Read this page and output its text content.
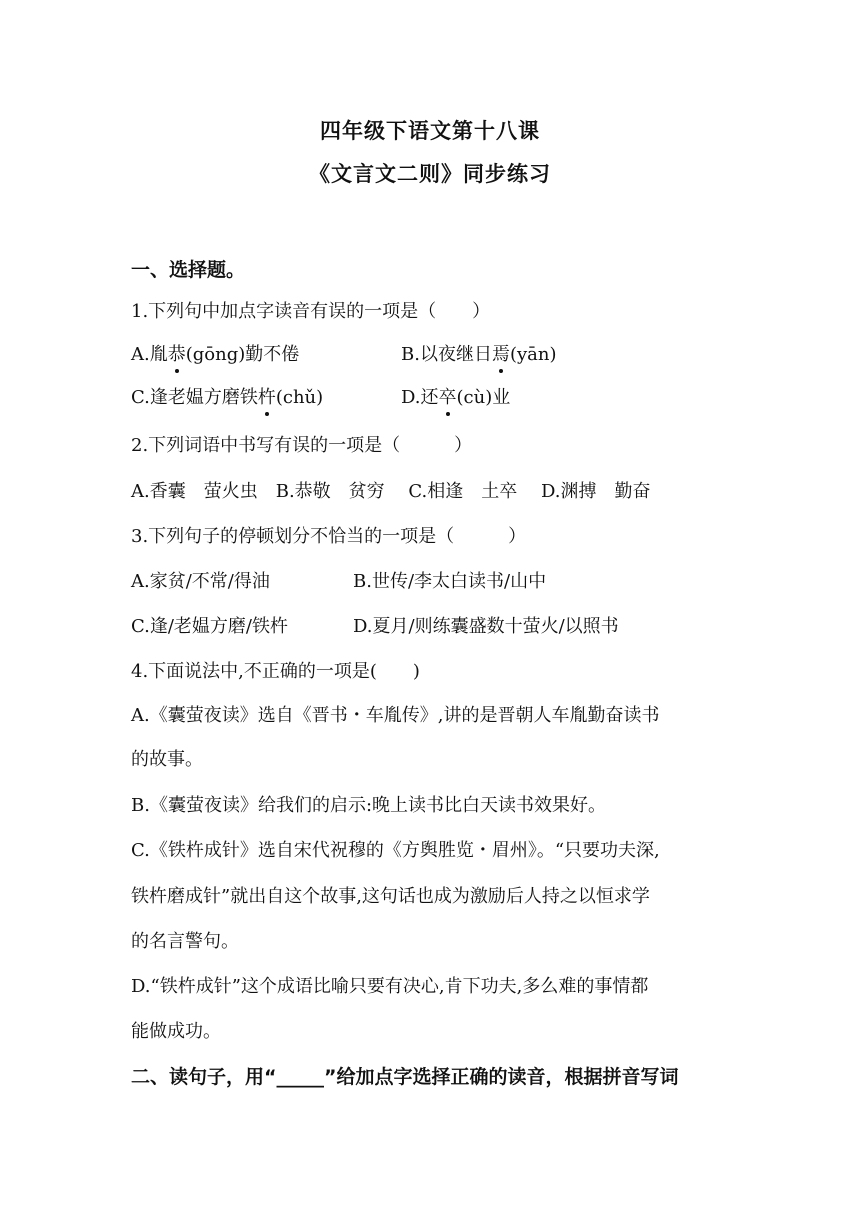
四年级下语文第十八课
《文言文二则》同步练习
一、选择题。
1.下列句中加点字读音有误的一项是（　　）
A.胤恭(gōng)勤不倦	B.以夜继日焉(yān)
C.逢老媪方磨铁杵(chǔ)	D.还卒(cù)业
2.下列词语中书写有误的一项是（　　　）
A.香囊　萤火虫　B.恭敬　贫穷　 C.相逢　土卒　 D.渊搏　勤奋
3.下列句子的停顿划分不恰当的一项是（　　　）
A.家贫/不常/得油	B.世传/李太白读书/山中
C.逢/老媪方磨/铁杵	D.夏月/则练囊盛数十萤火/以照书
4.下面说法中,不正确的一项是(　　)
A.《囊萤夜读》选自《晋书・车胤传》,讲的是晋朝人车胤勤奋读书
的故事。
B.《囊萤夜读》给我们的启示:晚上读书比白天读书效果好。
C.《铁杵成针》选自宋代祝穆的《方舆胜览・眉州》。“只要功夫深,
铁杵磨成针”就出自这个故事,这句话也成为激励后人持之以恒求学
的名言警句。
D.“铁杵成针”这个成语比喻只要有决心,肯下功夫,多么难的事情都
能做成功。
二、读句子，用“_____”给加点字选择正确的读音，根据拼音写词
